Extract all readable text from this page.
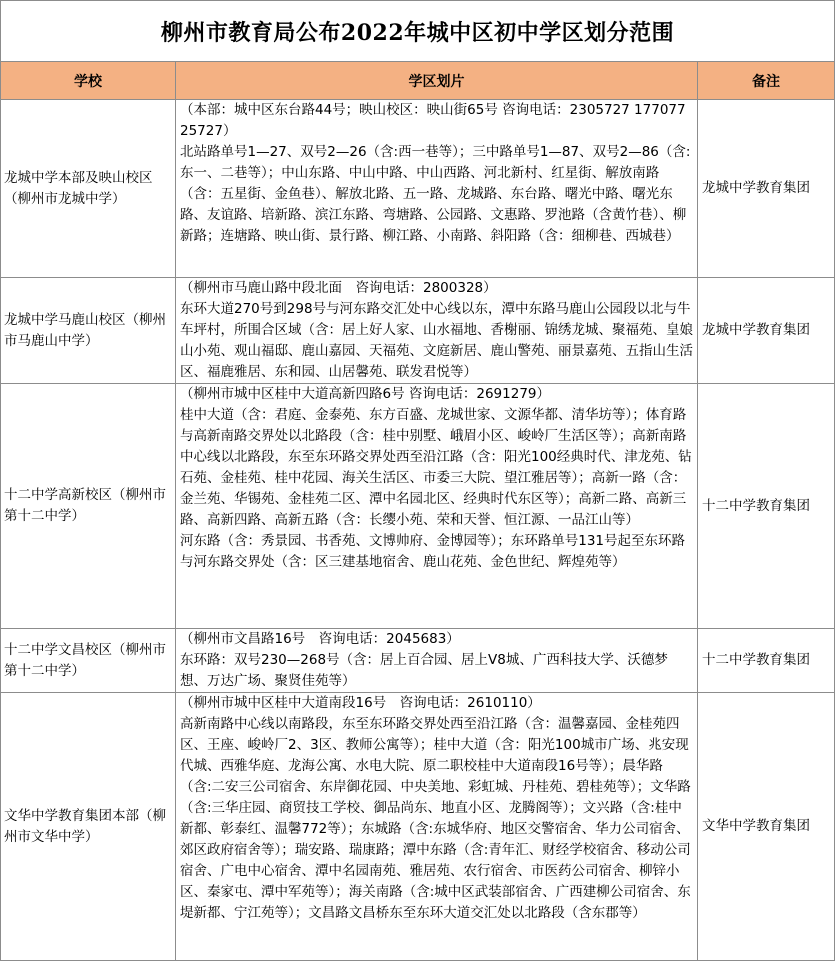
柳州市教育局公布2022年城中区初中学区划分范围		
学校	学区划片	备注
龙城中学本部及映山校区（柳州市龙城中学）	（本部：城中区东台路44号；映山校区：映山街65号 咨询电话：2305727 17707725727）
北站路单号1—27、双号2—26（含:西一巷等）；三中路单号1—87、双号2—86（含:东一、二巷等）；中山东路、中山中路、中山西路、河北新村、红星街、解放南路（含：五星街、金鱼巷）、解放北路、五一路、龙城路、东台路、曙光中路、曙光东路、友谊路、培新路、滨江东路、弯塘路、公园路、文惠路、罗池路（含黄竹巷）、柳新路；连塘路、映山街、景行路、柳江路、小南路、斜阳路（含：细柳巷、西城巷）	龙城中学教育集团
龙城中学马鹿山校区（柳州市马鹿山中学）	（柳州市马鹿山路中段北面　咨询电话：2800328）
东环大道270号到298号与河东路交汇处中心线以东，潭中东路马鹿山公园段以北与牛车坪村，所围合区域（含：居上好人家、山水福地、香榭丽、锦绣龙城、聚福苑、皇娘山小苑、观山福邸、鹿山嘉园、天福苑、文庭新居、鹿山警苑、丽景嘉苑、五指山生活区、福鹿雅居、东和园、山居馨苑、联发君悦等）	龙城中学教育集团
十二中学高新校区（柳州市第十二中学）	（柳州市城中区桂中大道高新四路6号 咨询电话：2691279）
桂中大道（含：君庭、金泰苑、东方百盛、龙城世家、文源华都、清华坊等）；体育路与高新南路交界处以北路段（含：桂中别墅、峨眉小区、峻岭厂生活区等）；高新南路中心线以北路段，东至东环路交界处西至沿江路（含：阳光100经典时代、津龙苑、钻石苑、金桂苑、桂中花园、海关生活区、市委三大院、望江雅居等）；高新一路（含：金兰苑、华锡苑、金桂苑二区、潭中名园北区、经典时代东区等）；高新二路、高新三路、高新四路、高新五路（含：长缨小苑、荣和天誉、恒江源、一品江山等）
河东路（含：秀景园、书香苑、文博帅府、金博园等）；东环路单号131号起至东环路与河东路交界处（含：区三建基地宿舍、鹿山花苑、金色世纪、辉煌苑等）	十二中学教育集团
十二中学文昌校区（柳州市第十二中学）	（柳州市文昌路16号　咨询电话：2045683）
东环路：双号230—268号（含：居上百合园、居上V8城、广西科技大学、沃德梦想、万达广场、聚贤佳苑等）	十二中学教育集团
文华中学教育集团本部（柳州市文华中学）	（柳州市城中区桂中大道南段16号　咨询电话：2610110）
高新南路中心线以南路段，东至东环路交界处西至沿江路（含：温馨嘉园、金桂苑四区、王座、峻岭厂2、3区、教师公寓等）；桂中大道（含：阳光100城市广场、兆安现代城、西雅华庭、龙海公寓、水电大院、原二职校桂中大道南段16号等）；晨华路（含:二安三公司宿舍、东岸御花园、中央美地、彩虹城、丹桂苑、碧桂苑等）；文华路（含:三华庄园、商贸技工学校、御品尚东、地直小区、龙腾阁等）；文兴路（含:桂中新都、彰泰红、温馨772等）；东城路（含:东城华府、地区交警宿舍、华力公司宿舍、郊区政府宿舍等）；瑞安路、瑞康路；潭中东路（含:青年汇、财经学校宿舍、移动公司宿舍、广电中心宿舍、潭中名园南苑、雅居苑、农行宿舍、市医药公司宿舍、柳锌小区、秦家屯、潭中军苑等）；海关南路（含:城中区武装部宿舍、广西建柳公司宿舍、东堤新都、宁江苑等）；文昌路文昌桥东至东环大道交汇处以北路段（含东郡等）	文华中学教育集团
